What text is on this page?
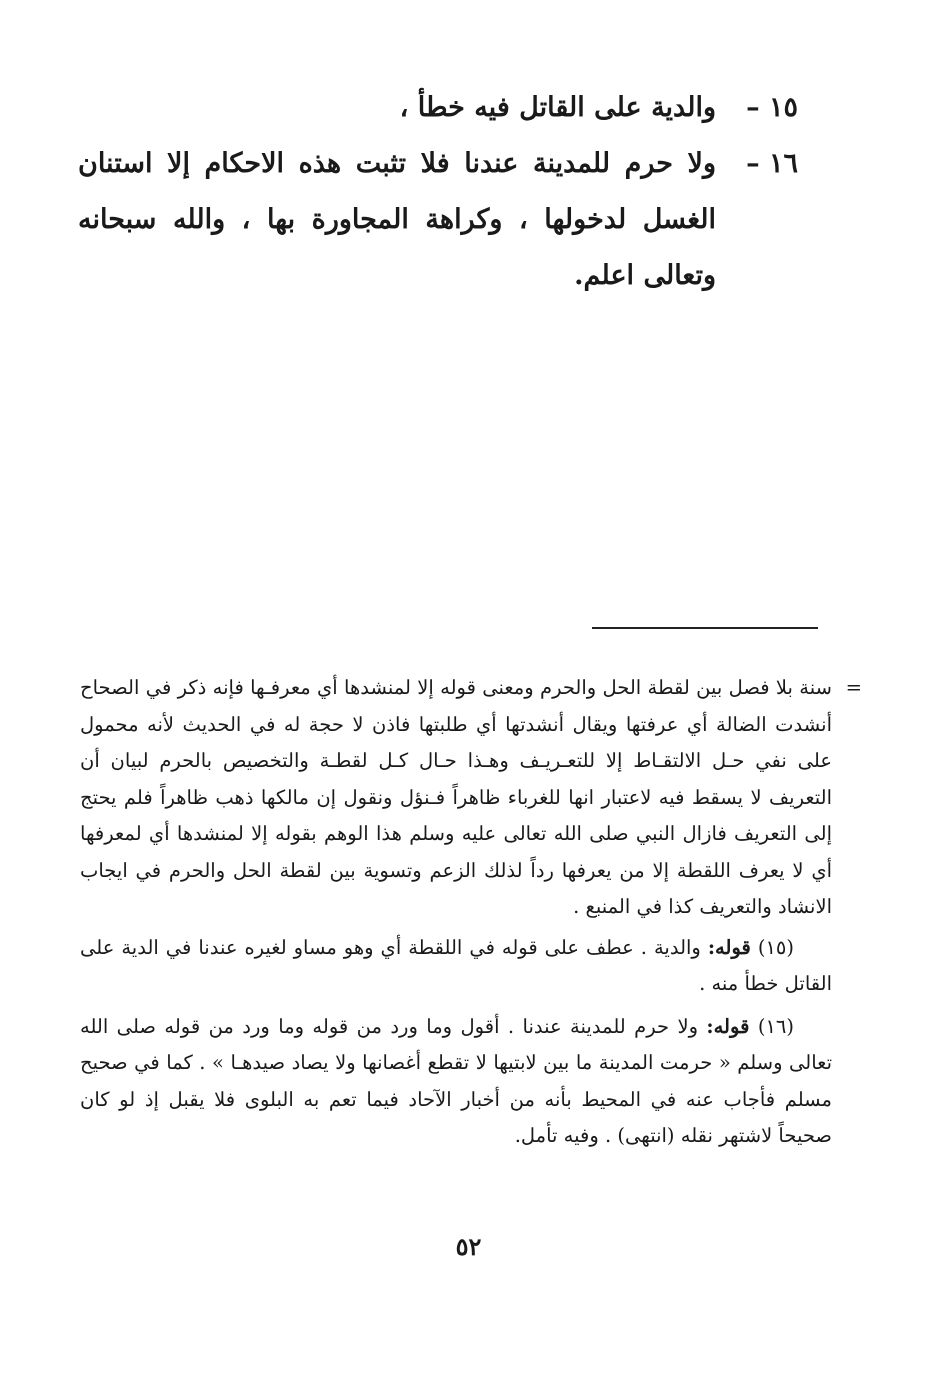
١٥ –
والدية على القاتل فيه خطأ ،
١٦ –
ولا حرم للمدينة عندنا فلا تثبت هذه الاحكام إلا استنان الغسل لدخولها ، وكراهة المجاورة بها ، والله سبحانه وتعالى اعلم.
=
سنة بلا فصل بين لقطة الحل والحرم ومعنى قوله إلا لمنشدها أي معرفـها فإنه ذكر في الصحاح أنشدت الضالة أي عرفتها ويقال أنشدتها أي طلبتها فاذن لا حجة له في الحديث لأنه محمول على نفي حـل الالتقـاط إلا للتعـريـف وهـذا حـال كـل لقطـة والتخصيص بالحرم لبيان أن التعريف لا يسقط فيه لاعتبار انها للغرباء ظاهراً فـنؤل ونقول إن مالكها ذهب ظاهراً فلم يحتج إلى التعريف فازال النبي صلى الله تعالى عليه وسلم هذا الوهم بقوله إلا لمنشدها أي لمعرفها أي لا يعرف اللقطة إلا من يعرفها رداً لذلك الزعم وتسوية بين لقطة الحل والحرم في ايجاب الانشاد والتعريف كذا في المنبع .
(١٥) قوله: والدية . عطف على قوله في اللقطة أي وهو مساو لغيره عندنا في الدية على القاتل خطأ منه .
(١٦) قوله: ولا حرم للمدينة عندنا . أقول وما ورد من قوله وما ورد من قوله صلى الله تعالى وسلم « حرمت المدينة ما بين لابتيها لا تقطع أغصانها ولا يصاد صيدهـا » . كما في صحيح مسلم فأجاب عنه في المحيط بأنه من أخبار الآحاد فيما تعم به البلوى فلا يقبل إذ لو كان صحيحاً لاشتهر نقله (انتهى) . وفيه تأمل.
٥٢
